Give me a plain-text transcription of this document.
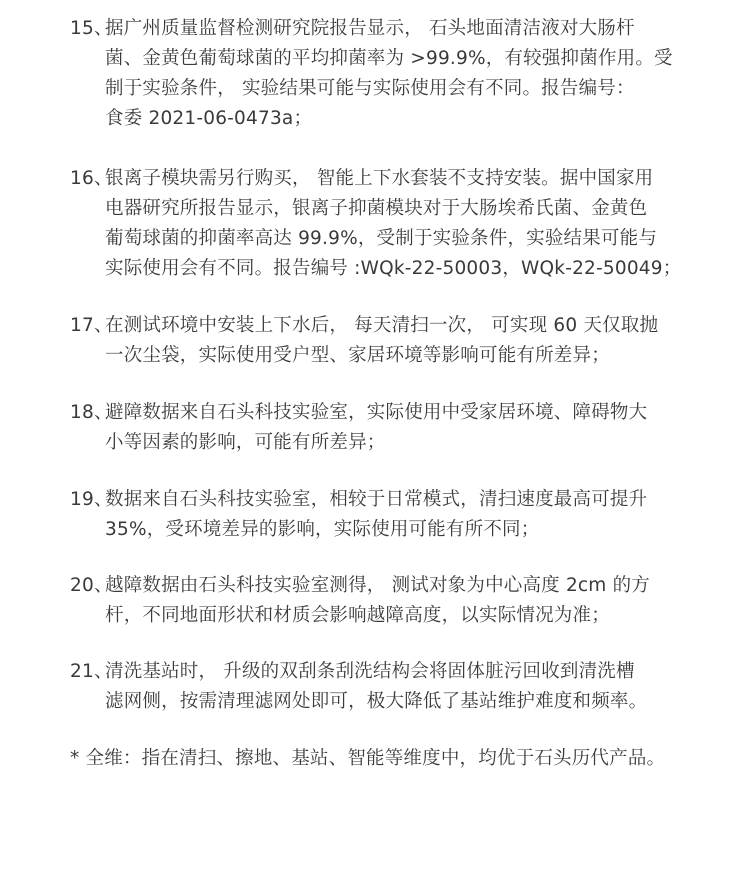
15、
据广州质量监督检测研究院报告显示， 石头地面清洁液对大肠杆
菌、金黄色葡萄球菌的平均抑菌率为 >99.9%，有较强抑菌作用。受
制于实验条件， 实验结果可能与实际使用会有不同。报告编号：
食委 2021-06-0473a；
16、
银离子模块需另行购买， 智能上下水套装不支持安装。据中国家用
电器研究所报告显示，银离子抑菌模块对于大肠埃希氏菌、金黄色
葡萄球菌的抑菌率高达 99.9%，受制于实验条件，实验结果可能与
实际使用会有不同。报告编号 :WQk-22-50003，WQk-22-50049；
17、
在测试环境中安装上下水后， 每天清扫一次， 可实现 60 天仅取抛
一次尘袋，实际使用受户型、家居环境等影响可能有所差异；
18、
避障数据来自石头科技实验室，实际使用中受家居环境、障碍物大
小等因素的影响，可能有所差异；
19、
数据来自石头科技实验室，相较于日常模式，清扫速度最高可提升
35%，受环境差异的影响，实际使用可能有所不同；
20、
越障数据由石头科技实验室测得， 测试对象为中心高度 2cm 的方
杆，不同地面形状和材质会影响越障高度，以实际情况为准；
21、
清洗基站时， 升级的双刮条刮洗结构会将固体脏污回收到清洗槽
滤网侧，按需清理滤网处即可，极大降低了基站维护难度和频率。
* 全维：指在清扫、擦地、基站、智能等维度中，均优于石头历代产品。
